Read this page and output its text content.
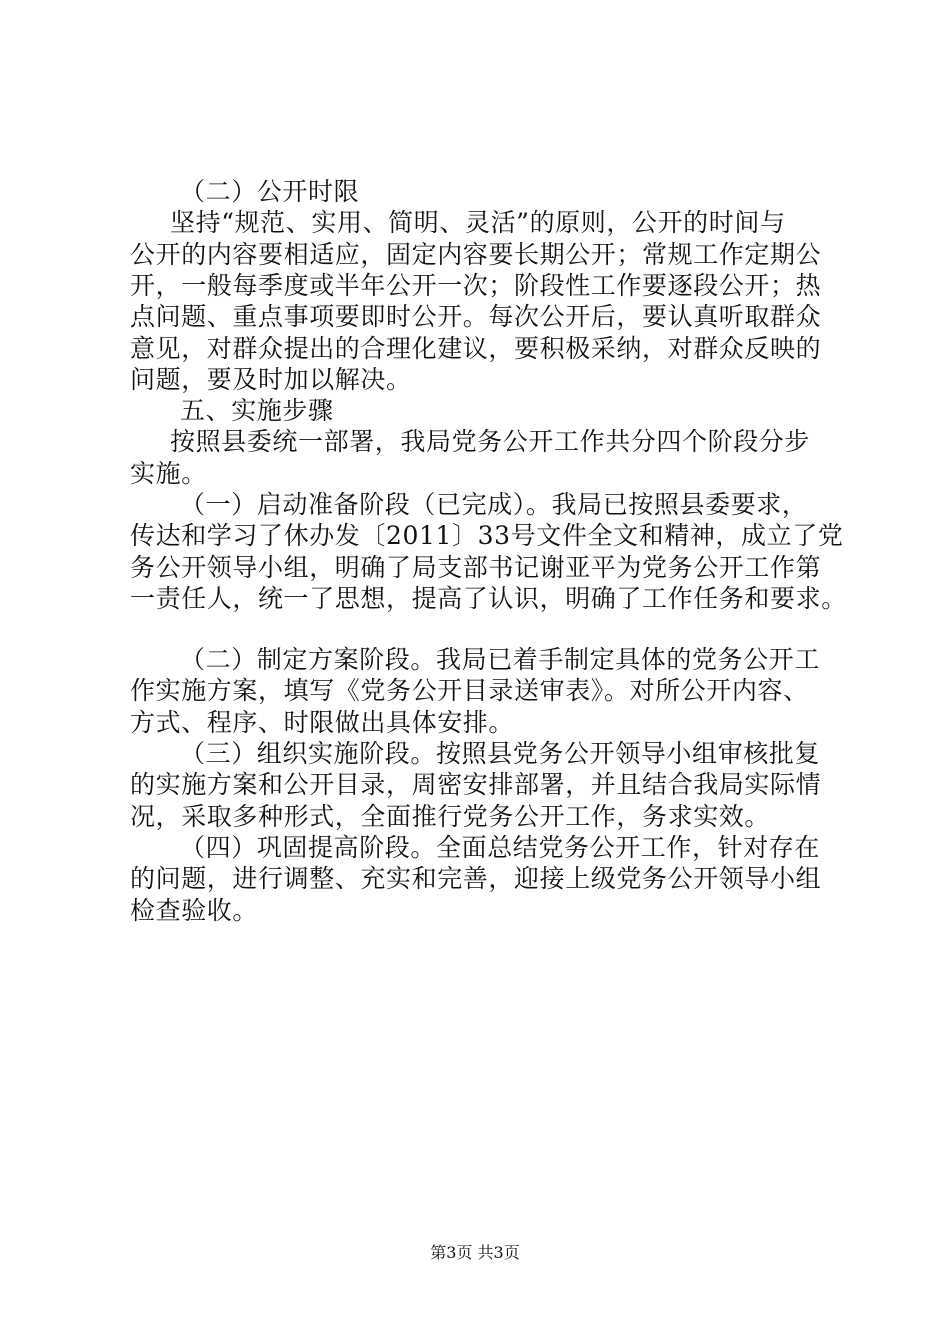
（二）公开时限
坚持“规范、实用、简明、灵活”的原则，公开的时间与
公开的内容要相适应，固定内容要长期公开；常规工作定期公
开，一般每季度或半年公开一次；阶段性工作要逐段公开；热
点问题、重点事项要即时公开。每次公开后，要认真听取群众
意见，对群众提出的合理化建议，要积极采纳，对群众反映的
问题，要及时加以解决。
五、实施步骤
按照县委统一部署，我局党务公开工作共分四个阶段分步
实施。
（一）启动准备阶段（已完成）。我局已按照县委要求，
传达和学习了休办发〔2011〕33号文件全文和精神，成立了党
务公开领导小组，明确了局支部书记谢亚平为党务公开工作第
一责任人，统一了思想，提高了认识，明确了工作任务和要求。
（二）制定方案阶段。我局已着手制定具体的党务公开工
作实施方案，填写《党务公开目录送审表》。对所公开内容、
方式、程序、时限做出具体安排。
（三）组织实施阶段。按照县党务公开领导小组审核批复
的实施方案和公开目录，周密安排部署，并且结合我局实际情
况，采取多种形式，全面推行党务公开工作，务求实效。
（四）巩固提高阶段。全面总结党务公开工作，针对存在
的问题，进行调整、充实和完善，迎接上级党务公开领导小组
检查验收。
第3页 共3页
